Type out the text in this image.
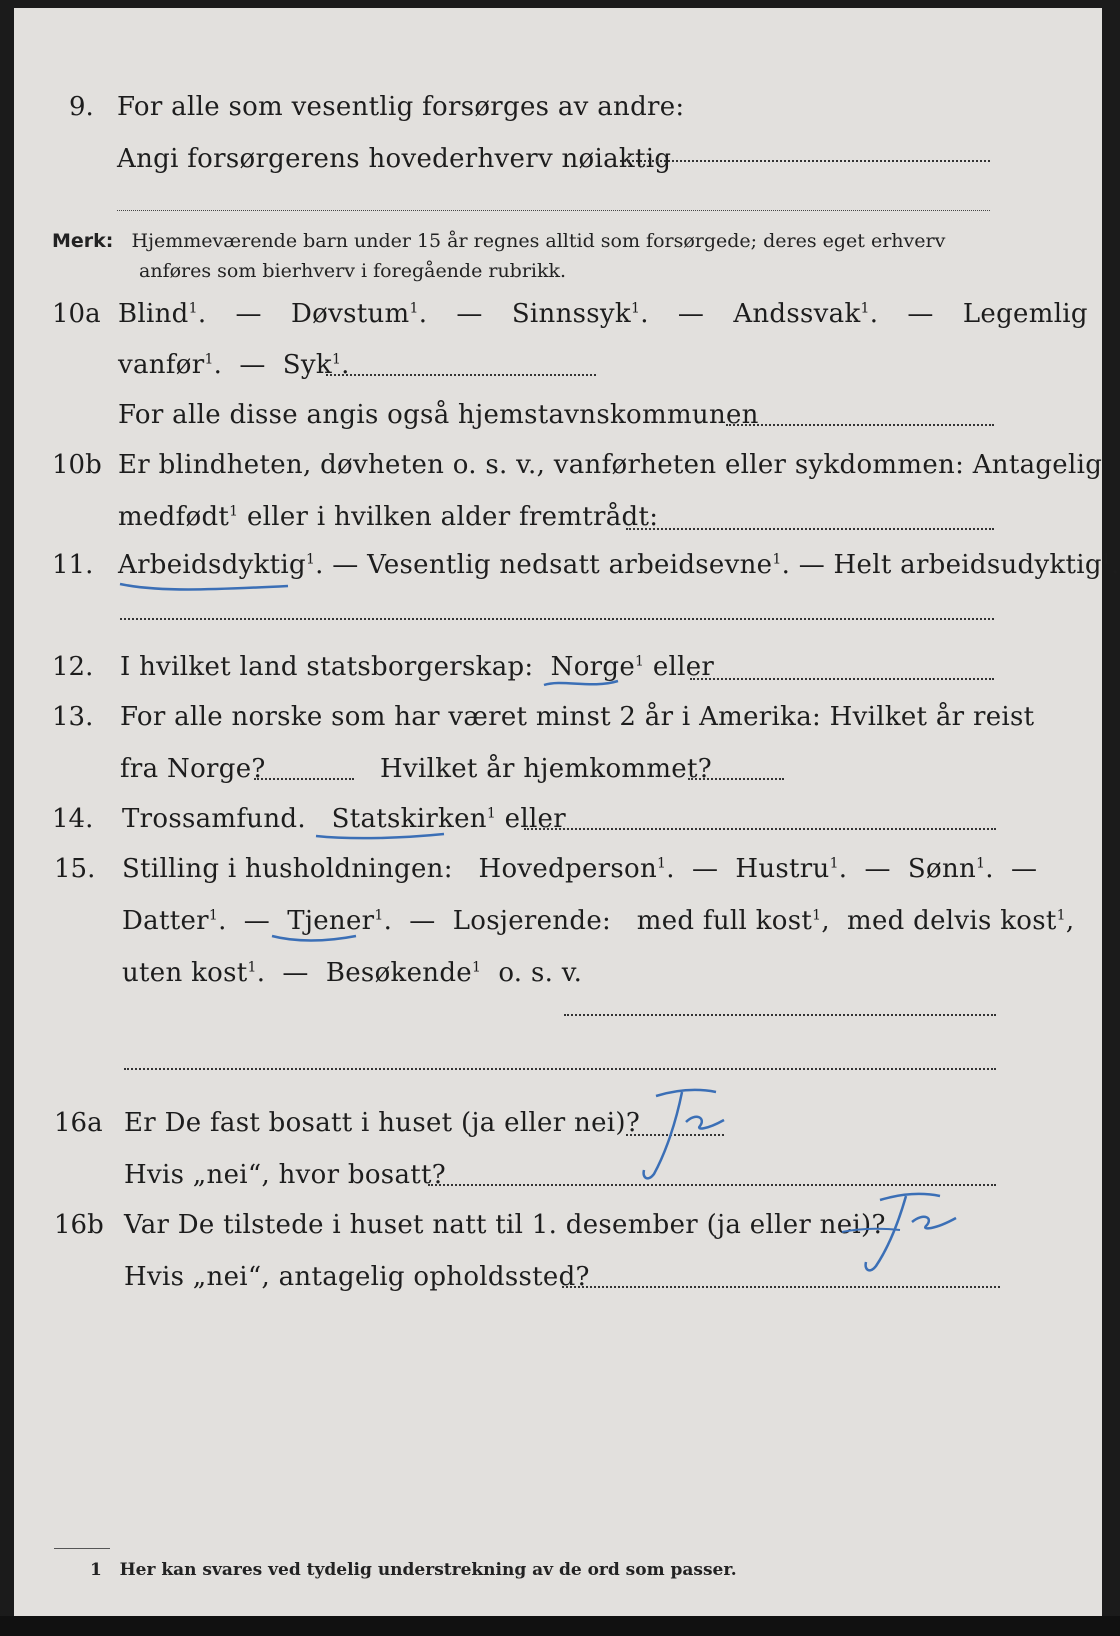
9. For alle som vesentlig forsørges av andre:
Angi forsørgerens hovederhverv nøiaktig
Merk: Hjemmeværende barn under 15 år regnes alltid som forsørgede; deres eget erhverv
anføres som bierhverv i foregående rubrikk.
10a Blind$^1$.  —  Døvstum$^1$.  —  Sinnssyk$^1$.  —  Andssvak$^1$.  —  Legemlig
vanfør$^1$.  —  Syk$^1$.
For alle disse angis også hjemstavnskommunen
10b Er blindheten, døvheten o. s. v., vanførheten eller sykdommen: Antagelig
medfødt$^1$ eller i hvilken alder fremtrådt:
11. Arbeidsdyktig$^1$. — Vesentlig nedsatt arbeidsevne$^1$. — Helt arbeidsudyktig$^1$.
12. I hvilket land statsborgerskap: Norge$^1$ eller
13. For alle norske som har været minst 2 år i Amerika: Hvilket år reist
fra Norge?	Hvilket år hjemkommet?
14. Trossamfund. Statskirken$^1$ eller
15. Stilling i husholdningen: Hovedperson$^1$.  —  Hustru$^1$.  —  Sønn$^1$.  —
Datter$^1$.  —  Tjener$^1$.  —  Losjerende: med full kost$^1$,  med delvis kost$^1$,
uten kost$^1$.  —  Besøkende$^1$ o. s. v.
16a Er De fast bosatt i huset (ja eller nei)?
Hvis „nei“, hvor bosatt?
16b Var De tilstede i huset natt til 1. desember (ja eller nei)?
Hvis „nei“, antagelig opholdssted?
1 Her kan svares ved tydelig understrekning av de ord som passer.
